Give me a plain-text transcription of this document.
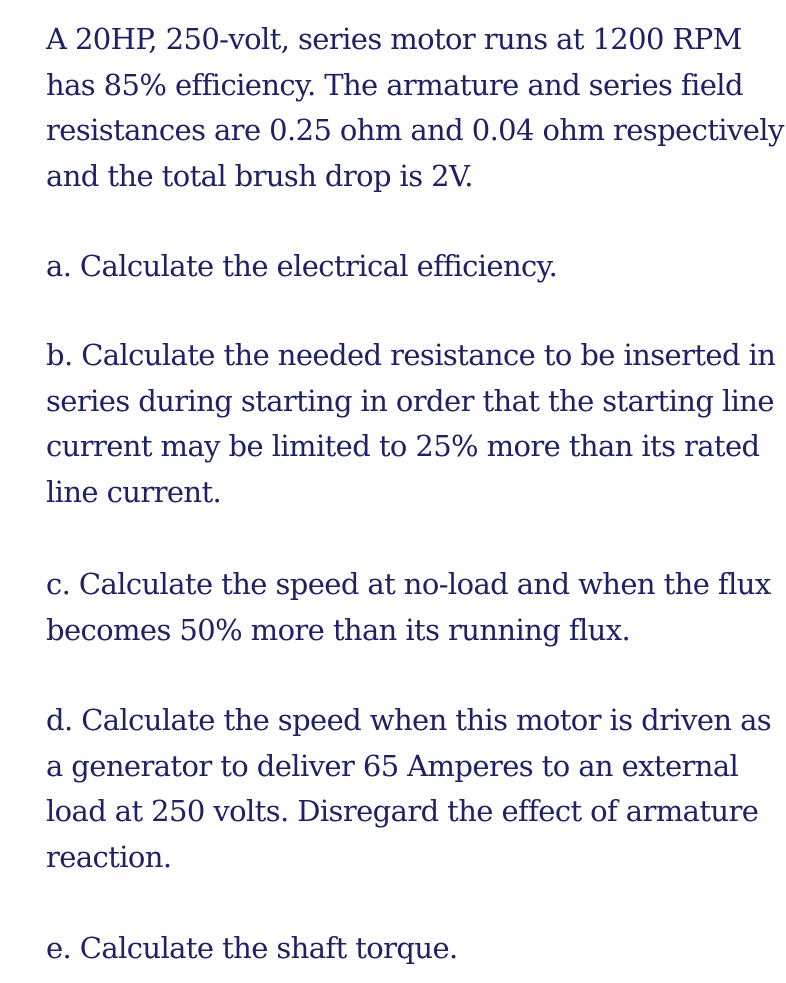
A 20HP, 250-volt, series motor runs at 1200 RPM
has 85% efficiency. The armature and series field
resistances are 0.25 ohm and 0.04 ohm respectively
and the total brush drop is 2V.

a. Calculate the electrical efficiency.

b. Calculate the needed resistance to be inserted in
series during starting in order that the starting line
current may be limited to 25% more than its rated
line current.

c. Calculate the speed at no-load and when the flux
becomes 50% more than its running flux.

d. Calculate the speed when this motor is driven as
a generator to deliver 65 Amperes to an external
load at 250 volts. Disregard the effect of armature
reaction.

e. Calculate the shaft torque.
